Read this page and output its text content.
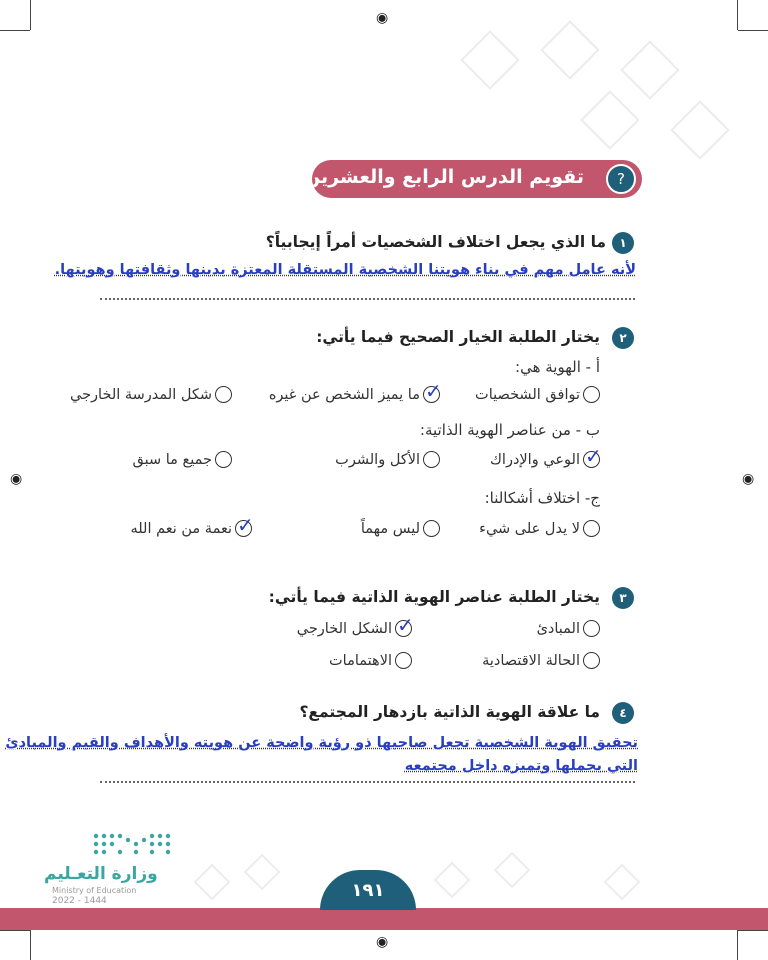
◉
◉
◉	◉
تقويم الدرس الرابع والعشرين	?
١
ما الذي يجعل اختلاف الشخصيات أمراً إيجابياً؟
لأنه عامل مهم في بناء هويتنا الشخصية المستقلة المعتزة بدينها وثقافتها وهويتها.
٢
يختار الطلبة الخيار الصحيح فيما يأتي:
أ - الهوية هي:
توافق الشخصيات
✓
ما يميز الشخص عن غيره
شكل المدرسة الخارجي
ب - من عناصر الهوية الذاتية:
✓
الوعي والإدراك
الأكل والشرب
جميع ما سبق
ج- اختلاف أشكالنا:
لا يدل على شيء
ليس مهماً
✓
نعمة من نعم الله
٣
يختار الطلبة عناصر الهوية الذاتية فيما يأتي:
المبادئ
✓
الشكل الخارجي
الحالة الاقتصادية
الاهتمامات
٤
ما علاقة الهوية الذاتية بازدهار المجتمع؟
تحقيق الهوية الشخصية تجعل صاحبها ذو رؤية واضحة عن هويته والأهداف والقيم والمبادئ
التي يحملها وتميزه داخل مجتمعه
وزارة التعـليم
Ministry of Education
2022 - 1444
١٩١
